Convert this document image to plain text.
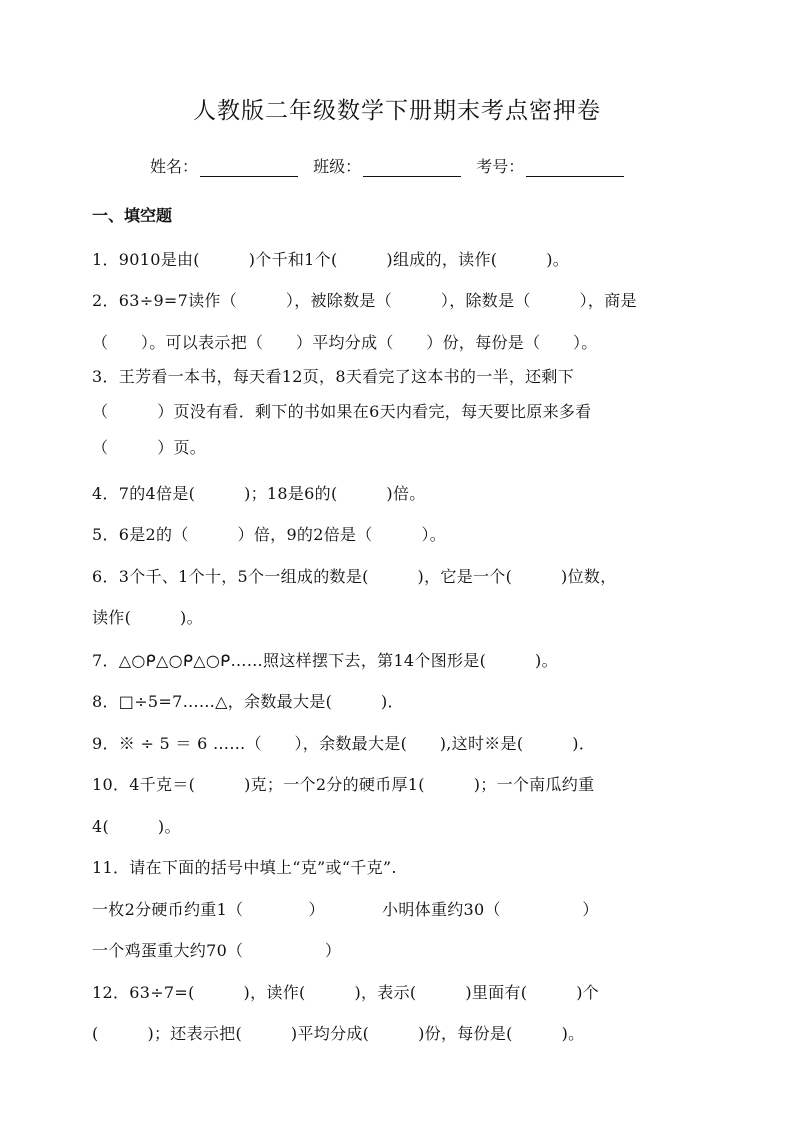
人教版二年级数学下册期末考点密押卷
姓名：	班级：	考号：
一、填空题
1．9010是由(　　　)个千和1个(　　　)组成的，读作(　　　)。
2．63÷9=7读作（　　　），被除数是（　　　），除数是（　　　），商是
（　　）。可以表示把（　　）平均分成（　　）份，每份是（　　）。
3．王芳看一本书，每天看12页，8天看完了这本书的一半，还剩下
（　　　）页没有看．剩下的书如果在6天内看完，每天要比原来多看
（　　　）页。
4．7的4倍是(　　　)；18是6的(　　　)倍。
5．6是2的（　　　）倍，9的2倍是（　　　）。
6．3个千、1个十，5个一组成的数是(　　　)，它是一个(　　　)位数，
读作(　　　)。
7．△○ᑭ△○ᑭ△○ᑭ……照这样摆下去，第14个图形是(　　　)。
8．□÷5=7……△，余数最大是(　　　)．
9．※ ÷ 5 ＝ 6 ……（　　），余数最大是(　　),这时※是(　　　)．
10．4千克＝(　　　)克；一个2分的硬币厚1(　　　)；一个南瓜约重
4(　　　)。
11．请在下面的括号中填上“克”或“千克”.
一枚2分硬币约重1（　　　　）　　　　小明体重约30（　　　　　）
一个鸡蛋重大约70（　　　　　）
12．63÷7=(　　　)，读作(　　　)，表示(　　　)里面有(　　　)个
(　　　)；还表示把(　　　)平均分成(　　　)份，每份是(　　　)。
